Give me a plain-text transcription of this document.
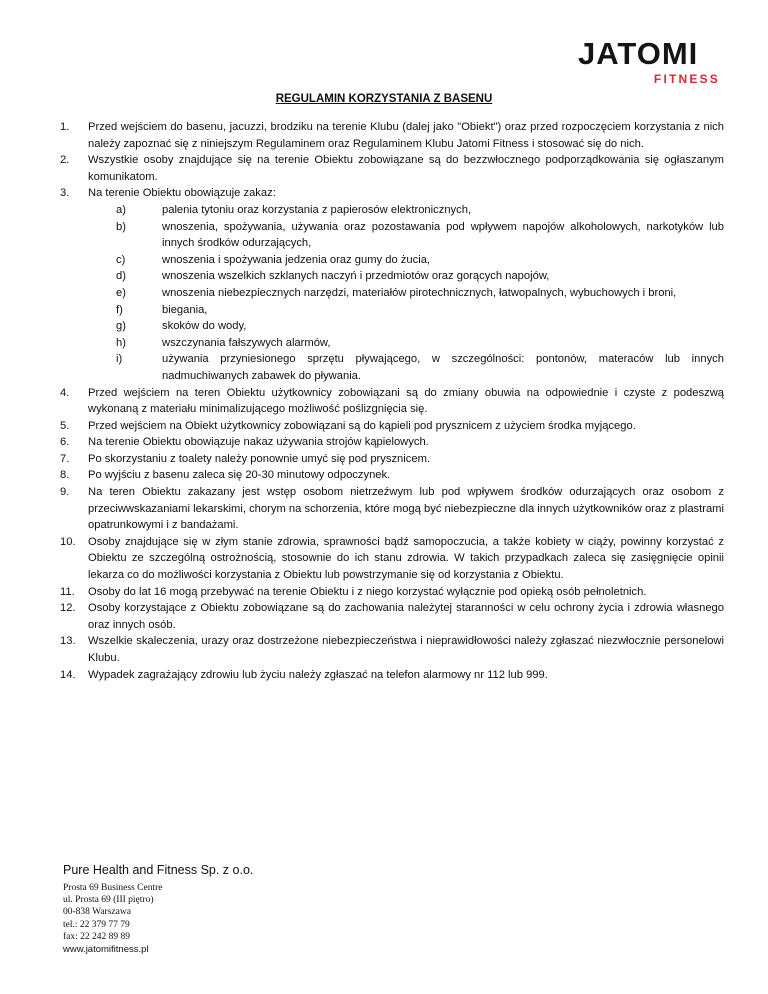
JATOMI
FITNESS
REGULAMIN KORZYSTANIA Z BASENU
1. Przed wejściem do basenu, jacuzzi, brodziku na terenie Klubu (dalej jako "Obiekt") oraz przed rozpoczęciem korzystania z nich należy zapoznać się z niniejszym Regulaminem oraz Regulaminem Klubu Jatomi Fitness i stosować się do nich.
2. Wszystkie osoby znajdujące się na terenie Obiektu zobowiązane są do bezzwłocznego podporządkowania się ogłaszanym komunikatom.
3. Na terenie Obiektu obowiązuje zakaz:
a)	palenia tytoniu oraz korzystania z papierosów elektronicznych,
b)	wnoszenia, spożywania, używania oraz pozostawania pod wpływem napojów alkoholowych, narkotyków lub innych środków odurzających,
c)	wnoszenia i spożywania jedzenia oraz gumy do żucia,
d)	wnoszenia wszelkich szklanych naczyń i przedmiotów oraz gorących napojów,
e)	wnoszenia niebezpiecznych narzędzi, materiałów pirotechnicznych, łatwopalnych, wybuchowych i broni,
f)	biegania,
g)	skoków do wody,
h)	wszczynania fałszywych alarmów,
i)	używania przyniesionego sprzętu pływającego, w szczególności: pontonów, materaców lub innych nadmuchiwanych zabawek do pływania.
4. Przed wejściem na teren Obiektu użytkownicy zobowiązani są do zmiany obuwia na odpowiednie i czyste z podeszwą wykonaną z materiału minimalizującego możliwość poślizgnięcia się.
5. Przed wejściem na Obiekt użytkownicy zobowiązani są do kąpieli pod prysznicem z użyciem środka myjącego.
6. Na terenie Obiektu obowiązuje nakaz używania strojów kąpielowych.
7. Po skorzystaniu z toalety należy ponownie umyć się pod prysznicem.
8. Po wyjściu z basenu zaleca się 20-30 minutowy odpoczynek.
9. Na teren Obiektu zakazany jest wstęp osobom nietrzeźwym lub pod wpływem środków odurzających oraz osobom z przeciwwskazaniami lekarskimi, chorym na schorzenia, które mogą być niebezpieczne dla innych użytkowników oraz z plastrami opatrunkowymi i z bandażami.
10. Osoby znajdujące się w złym stanie zdrowia, sprawności bądź samopoczucia, a także kobiety w ciąży, powinny korzystać z Obiektu ze szczególną ostrożnością, stosownie do ich stanu zdrowia. W takich przypadkach zaleca się zasięgnięcie opinii lekarza co do możliwości korzystania z Obiektu lub powstrzymanie się od korzystania z Obiektu.
11. Osoby do lat 16 mogą przebywać na terenie Obiektu i z niego korzystać wyłącznie pod opieką osób pełnoletnich.
12. Osoby korzystające z Obiektu zobowiązane są do zachowania należytej staranności w celu ochrony życia i zdrowia własnego oraz innych osób.
13. Wszelkie skaleczenia, urazy oraz dostrzeżone niebezpieczeństwa i nieprawidłowości należy zgłaszać niezwłocznie personelowi Klubu.
14. Wypadek zagrażający zdrowiu lub życiu należy zgłaszać na telefon alarmowy nr 112 lub 999.
Pure Health and Fitness Sp. z o.o.
Prosta 69 Business Centre
ul. Prosta 69 (III piętro)
00-838 Warszawa
tel.: 22 379 77 79
fax: 22 242 89 89
www.jatomifitness.pl
